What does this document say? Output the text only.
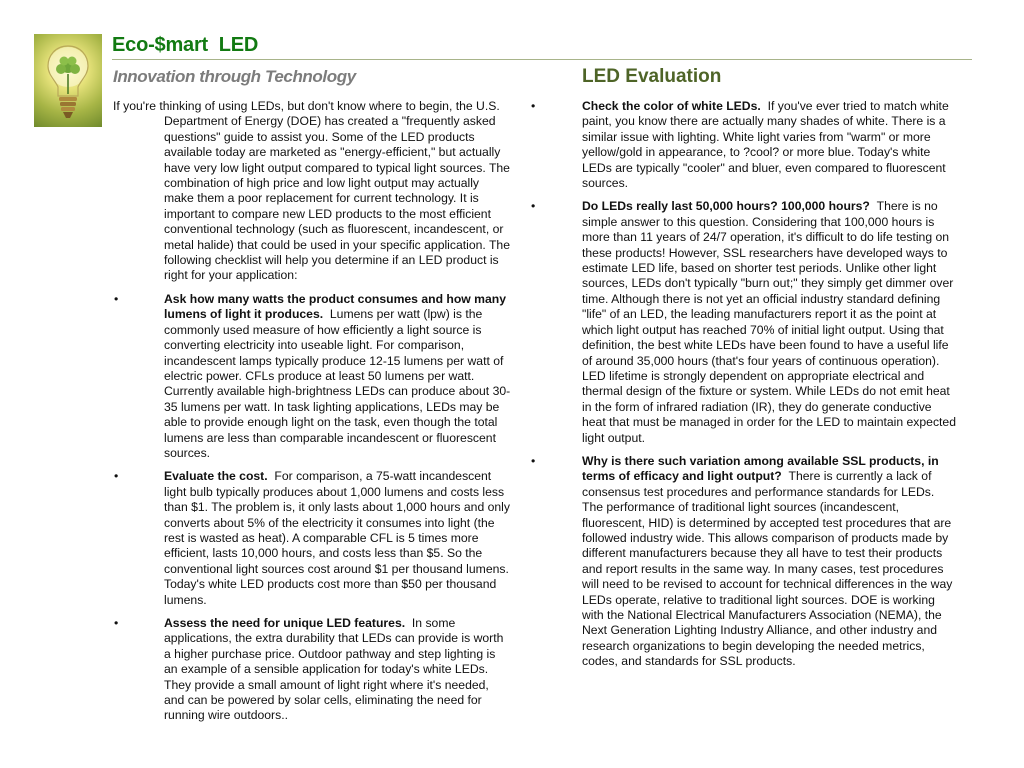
Eco-$mart  LED
Innovation through Technology	LED Evaluation

If you're thinking of using LEDs, but don't know where to begin, the U.S. Department of Energy (DOE) has created a "frequently asked questions" guide to assist you. Some of the LED products available today are marketed as "energy-efficient," but actually have very low light output compared to typical light sources. The combination of high price and low light output may actually make them a poor replacement for current technology. It is important to compare new LED products to the most efficient conventional technology (such as fluorescent, incandescent, or metal halide) that could be used in your specific application. The following checklist will help you determine if an LED product is right for your application:

•	Ask how many watts the product consumes and how many lumens of light it produces. Lumens per watt (lpw) is the commonly used measure of how efficiently a light source is converting electricity into useable light. For comparison, incandescent lamps typically produce 12-15 lumens per watt of electric power. CFLs produce at least 50 lumens per watt. Currently available high-brightness LEDs can produce about 30-35 lumens per watt. In task lighting applications, LEDs may be able to provide enough light on the task, even though the total lumens are less than comparable incandescent or fluorescent sources.
•	Evaluate the cost. For comparison, a 75-watt incandescent light bulb typically produces about 1,000 lumens and costs less than $1. The problem is, it only lasts about 1,000 hours and only converts about 5% of the electricity it consumes into light (the rest is wasted as heat). A comparable CFL is 5 times more efficient, lasts 10,000 hours, and costs less than $5. So the conventional light sources cost around $1 per thousand lumens. Today's white LED products cost more than $50 per thousand lumens.
•	Assess the need for unique LED features. In some applications, the extra durability that LEDs can provide is worth a higher purchase price. Outdoor pathway and step lighting is an example of a sensible application for today's white LEDs. They provide a small amount of light right where it's needed, and can be powered by solar cells, eliminating the need for running wire outdoors..
•	Check the color of white LEDs. If you've ever tried to match white paint, you know there are actually many shades of white. There is a similar issue with lighting. White light varies from "warm" or more yellow/gold in appearance, to ?cool? or more blue. Today's white LEDs are typically "cooler" and bluer, even compared to fluorescent sources.
•	Do LEDs really last 50,000 hours? 100,000 hours? There is no simple answer to this question. Considering that 100,000 hours is more than 11 years of 24/7 operation, it's difficult to do life testing on these products! However, SSL researchers have developed ways to estimate LED life, based on shorter test periods. Unlike other light sources, LEDs don't typically "burn out;" they simply get dimmer over time. Although there is not yet an official industry standard defining "life" of an LED, the leading manufacturers report it as the point at which light output has reached 70% of initial light output. Using that definition, the best white LEDs have been found to have a useful life of around 35,000 hours (that's four years of continuous operation). LED lifetime is strongly dependent on appropriate electrical and thermal design of the fixture or system. While LEDs do not emit heat in the form of infrared radiation (IR), they do generate conductive heat that must be managed in order for the LED to maintain expected light output.
•	Why is there such variation among available SSL products, in terms of efficacy and light output? There is currently a lack of consensus test procedures and performance standards for LEDs. The performance of traditional light sources (incandescent, fluorescent, HID) is determined by accepted test procedures that are followed industry wide. This allows comparison of products made by different manufacturers because they all have to test their products and report results in the same way. In many cases, test procedures will need to be revised to account for technical differences in the way LEDs operate, relative to traditional light sources. DOE is working with the National Electrical Manufacturers Association (NEMA), the Next Generation Lighting Industry Alliance, and other industry and research organizations to begin developing the needed metrics, codes, and standards for SSL products.
